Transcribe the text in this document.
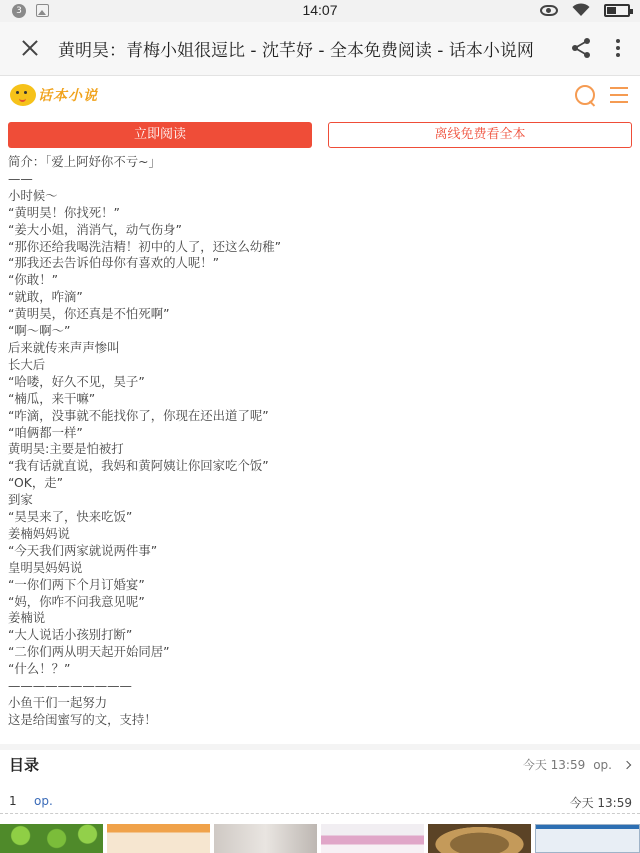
3	14:07
黄明昊：青梅小姐很逗比 - 沈芊妤 - 全本免费阅读 - 话本小说网
话本小说
立即阅读	离线免费看全本

简介：「爱上阿妤你不亏~」

——

小时候～

“黄明昊！你找死！”

“姜大小姐，消消气，动气伤身”

“那你还给我喝洗洁精！初中的人了，还这么幼稚”

“那我还去告诉伯母你有喜欢的人呢！”

“你敢！”

“就敢，咋滴”

“黄明昊，你还真是不怕死啊”

“啊～啊～”

后来就传来声声惨叫

长大后

“哈喽，好久不见，昊子”

“楠瓜，来干嘛”

“咋滴，没事就不能找你了，你现在还出道了呢”

“咱俩都一样”

黄明昊:主要是怕被打

“我有话就直说，我妈和黄阿姨让你回家吃个饭”

“OK，走”

到家

“昊昊来了，快来吃饭”

姜楠妈妈说

“今天我们两家就说两件事”

皇明昊妈妈说

“一你们两下个月订婚宴”

“妈，你咋不问我意见呢”

姜楠说

“大人说话小孩别打断”

“二你们两从明天起开始同居”

“什么！？”

——————————

小鱼干们一起努力

这是给闺蜜写的文，支持！

目录	今天 13:59 op.
1 op.	今天 13:59
